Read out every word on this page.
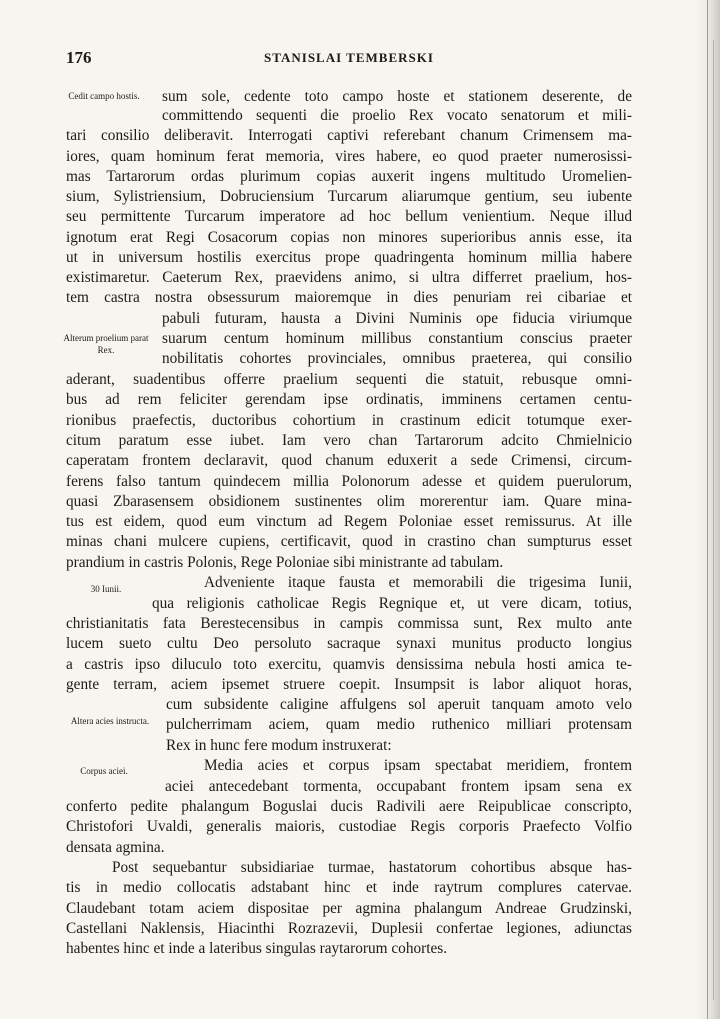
176	STANISLAI TEMBERSKI
Cedit campo hostis.
Alterum proelium parat Rex.
30 Iunii.
Altera acies instructa.
Corpus aciei.
sum sole, cedente toto campo hoste et stationem deserente, de
committendo sequenti die proelio Rex vocato senatorum et mili-
tari consilio deliberavit. Interrogati captivi referebant chanum Crimensem ma-
iores, quam hominum ferat memoria, vires habere, eo quod praeter numerosissi-
mas Tartarorum ordas plurimum copias auxerit ingens multitudo Uromelien-
sium, Sylistriensium, Dobruciensium Turcarum aliarumque gentium, seu iubente
seu permittente Turcarum imperatore ad hoc bellum venientium. Neque illud
ignotum erat Regi Cosacorum copias non minores superioribus annis esse, ita
ut in universum hostilis exercitus prope quadringenta hominum millia habere
existimaretur. Caeterum Rex, praevidens animo, si ultra differret praelium, hos-
tem castra nostra obsessurum maioremque in dies penuriam rei cibariae et
pabuli futuram, hausta a Divini Numinis ope fiducia viriumque
suarum centum hominum millibus constantium conscius praeter
nobilitatis cohortes provinciales, omnibus praeterea, qui consilio
aderant, suadentibus offerre praelium sequenti die statuit, rebusque omni-
bus ad rem feliciter gerendam ipse ordinatis, imminens certamen centu-
rionibus praefectis, ductoribus cohortium in crastinum edicit totumque exer-
citum paratum esse iubet. Iam vero chan Tartarorum adcito Chmielnicio
caperatam frontem declaravit, quod chanum eduxerit a sede Crimensi, circum-
ferens falso tantum quindecem millia Polonorum adesse et quidem puerulorum,
quasi Zbarasensem obsidionem sustinentes olim morerentur iam. Quare mina-
tus est eidem, quod eum vinctum ad Regem Poloniae esset remissurus. At ille
minas chani mulcere cupiens, certificavit, quod in crastino chan sumpturus esset
prandium in castris Polonis, Rege Poloniae sibi ministrante ad tabulam.
Adveniente itaque fausta et memorabili die trigesima Iunii,
qua religionis catholicae Regis Regnique et, ut vere dicam, totius,
christianitatis fata Berestecensibus in campis commissa sunt, Rex multo ante
lucem sueto cultu Deo persoluto sacraque synaxi munitus producto longius
a castris ipso diluculo toto exercitu, quamvis densissima nebula hosti amica te-
gente terram, aciem ipsemet struere coepit. Insumpsit is labor aliquot horas,
cum subsidente caligine affulgens sol aperuit tanquam amoto velo
pulcherrimam aciem, quam medio ruthenico milliari protensam
Rex in hunc fere modum instruxerat:
Media acies et corpus ipsam spectabat meridiem, frontem
aciei antecedebant tormenta, occupabant frontem ipsam sena ex
conferto pedite phalangum Boguslai ducis Radivili aere Reipublicae conscripto,
Christofori Uvaldi, generalis maioris, custodiae Regis corporis Praefecto Volfio
densata agmina.
Post sequebantur subsidiariae turmae, hastatorum cohortibus absque has-
tis in medio collocatis adstabant hinc et inde raytrum complures catervae.
Claudebant totam aciem dispositae per agmina phalangum Andreae Grudzinski,
Castellani Naklensis, Hiacinthi Rozrazevii, Duplesii confertae legiones, adiunctas
habentes hinc et inde a lateribus singulas raytarorum cohortes.
